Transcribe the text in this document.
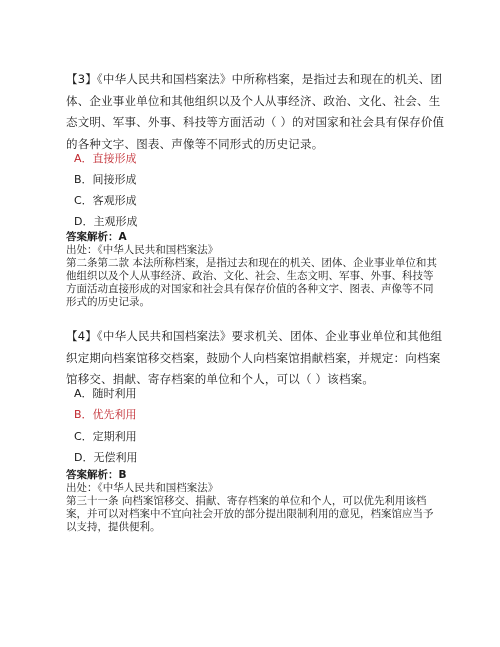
【3】《中华人民共和国档案法》中所称档案，是指过去和现在的机关、团体、企业事业单位和其他组织以及个人从事经济、政治、文化、社会、生态文明、军事、外事、科技等方面活动（ ）的对国家和社会具有保存价值的各种文字、图表、声像等不同形式的历史记录。
A．直接形成
B．间接形成
C．客观形成
D．主观形成
答案解析：A
出处：《中华人民共和国档案法》
第二条第二款 本法所称档案，是指过去和现在的机关、团体、企业事业单位和其他组织以及个人从事经济、政治、文化、社会、生态文明、军事、外事、科技等方面活动直接形成的对国家和社会具有保存价值的各种文字、图表、声像等不同形式的历史记录。
【4】《中华人民共和国档案法》要求机关、团体、企业事业单位和其他组织定期向档案馆移交档案，鼓励个人向档案馆捐献档案，并规定：向档案馆移交、捐献、寄存档案的单位和个人，可以（ ）该档案。
A．随时利用
B．优先利用
C．定期利用
D．无偿利用
答案解析：B
出处：《中华人民共和国档案法》
第三十一条 向档案馆移交、捐献、寄存档案的单位和个人，可以优先利用该档案，并可以对档案中不宜向社会开放的部分提出限制利用的意见，档案馆应当予以支持，提供便利。
